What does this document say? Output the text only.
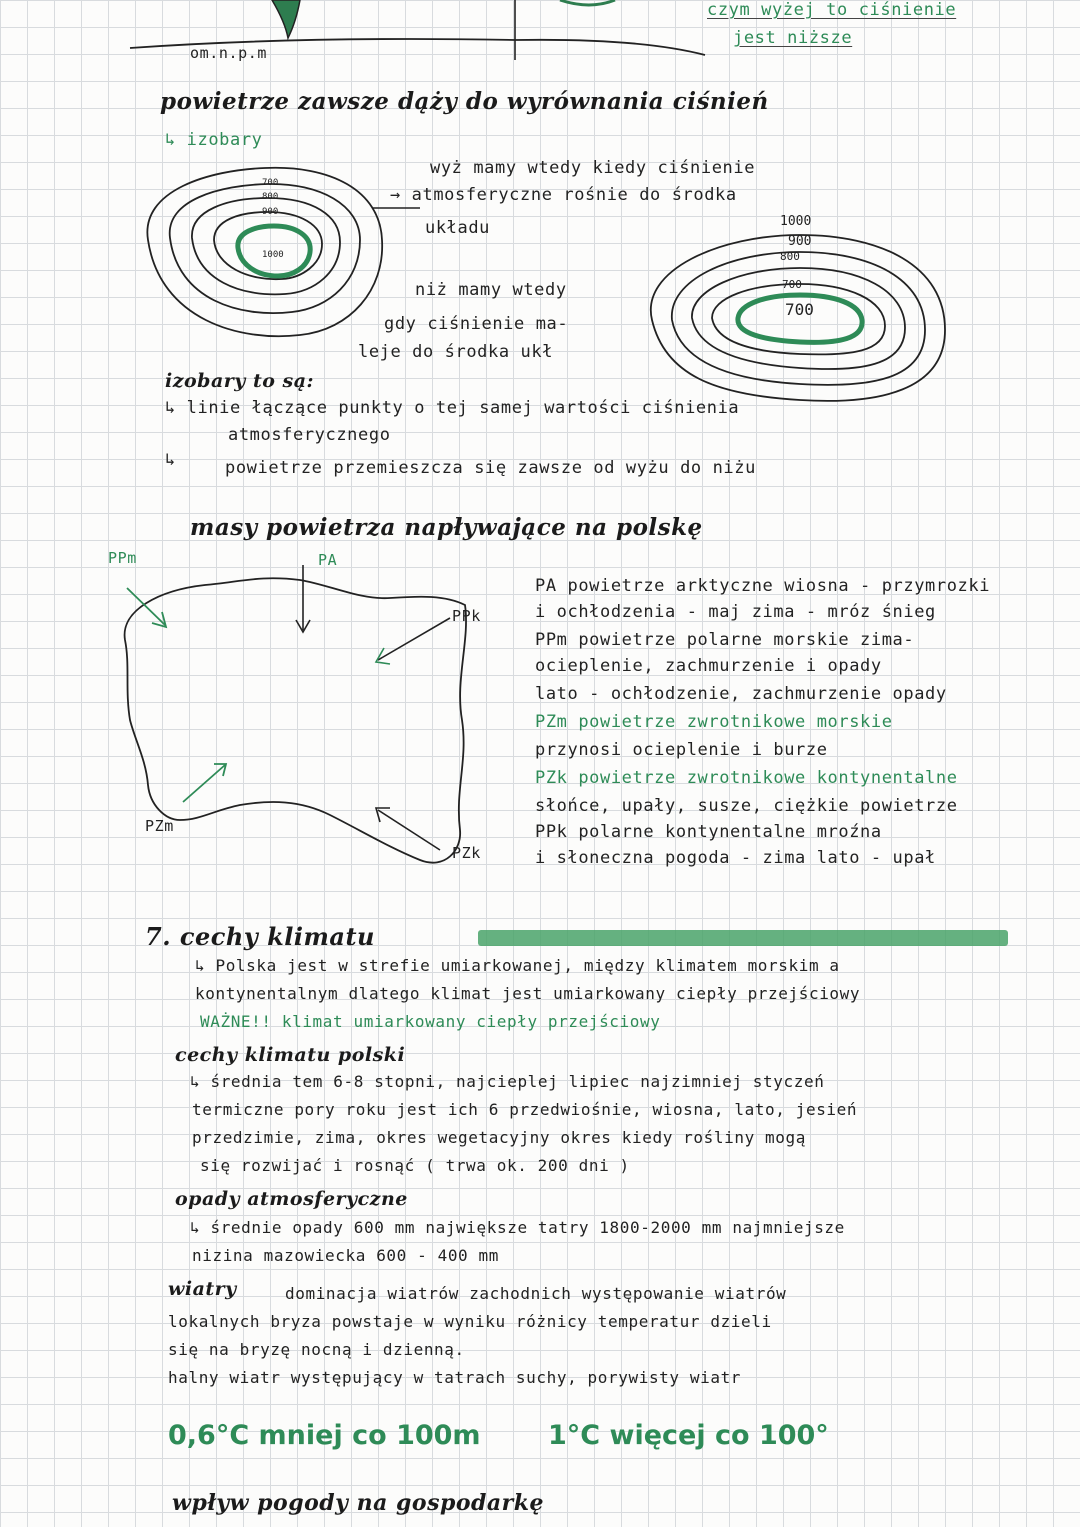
700
800
900
1000
om.n.p.m
czym wyżej to ciśnienie
jest niższe
powietrze zawsze dąży do wyrównania ciśnień
↳ izobary
wyż mamy wtedy kiedy ciśnienie
→ atmosferyczne rośnie do środka
układu
niż mamy wtedy
gdy ciśnienie ma-
leje do środka ukł
1000
900
800
700
700
izobary to są:
↳ linie łączące punkty o tej samej wartości ciśnienia
atmosferycznego
↳	powietrze przemieszcza się zawsze od wyżu do niżu
masy powietrza napływające na polskę
PPm	PA
PPk
PZm
PZk
PA powietrze arktyczne wiosna - przymrozki
i ochłodzenia - maj zima - mróz śnieg
PPm powietrze polarne morskie zima-
ocieplenie, zachmurzenie i opady
lato - ochłodzenie, zachmurzenie opady
PZm powietrze zwrotnikowe morskie
przynosi ocieplenie i burze
PZk powietrze zwrotnikowe kontynentalne
słońce, upały, susze, ciężkie powietrze
PPk polarne kontynentalne mroźna
i słoneczna pogoda - zima lato - upał
7. cechy klimatu
↳ Polska jest w strefie umiarkowanej, między klimatem morskim a
kontynentalnym dlatego klimat jest umiarkowany ciepły przejściowy
WAŻNE!! klimat umiarkowany ciepły przejściowy
cechy klimatu polski
↳ średnia tem 6-8 stopni, najcieplej lipiec najzimniej styczeń
termiczne pory roku jest ich 6 przedwiośnie, wiosna, lato, jesień
przedzimie, zima, okres wegetacyjny okres kiedy rośliny mogą
się rozwijać i rosnąć ( trwa ok. 200 dni )
opady atmosferyczne
↳ średnie opady 600 mm największe tatry 1800-2000 mm najmniejsze
nizina mazowiecka 600 - 400 mm
wiatry	dominacja wiatrów zachodnich występowanie wiatrów
lokalnych bryza powstaje w wyniku różnicy temperatur dzieli
się na bryzę nocną i dzienną.
halny wiatr występujący w tatrach suchy, porywisty wiatr
0,6°C mniej co 100m 1°C więcej co 100°
wpływ pogody na gospodarkę
